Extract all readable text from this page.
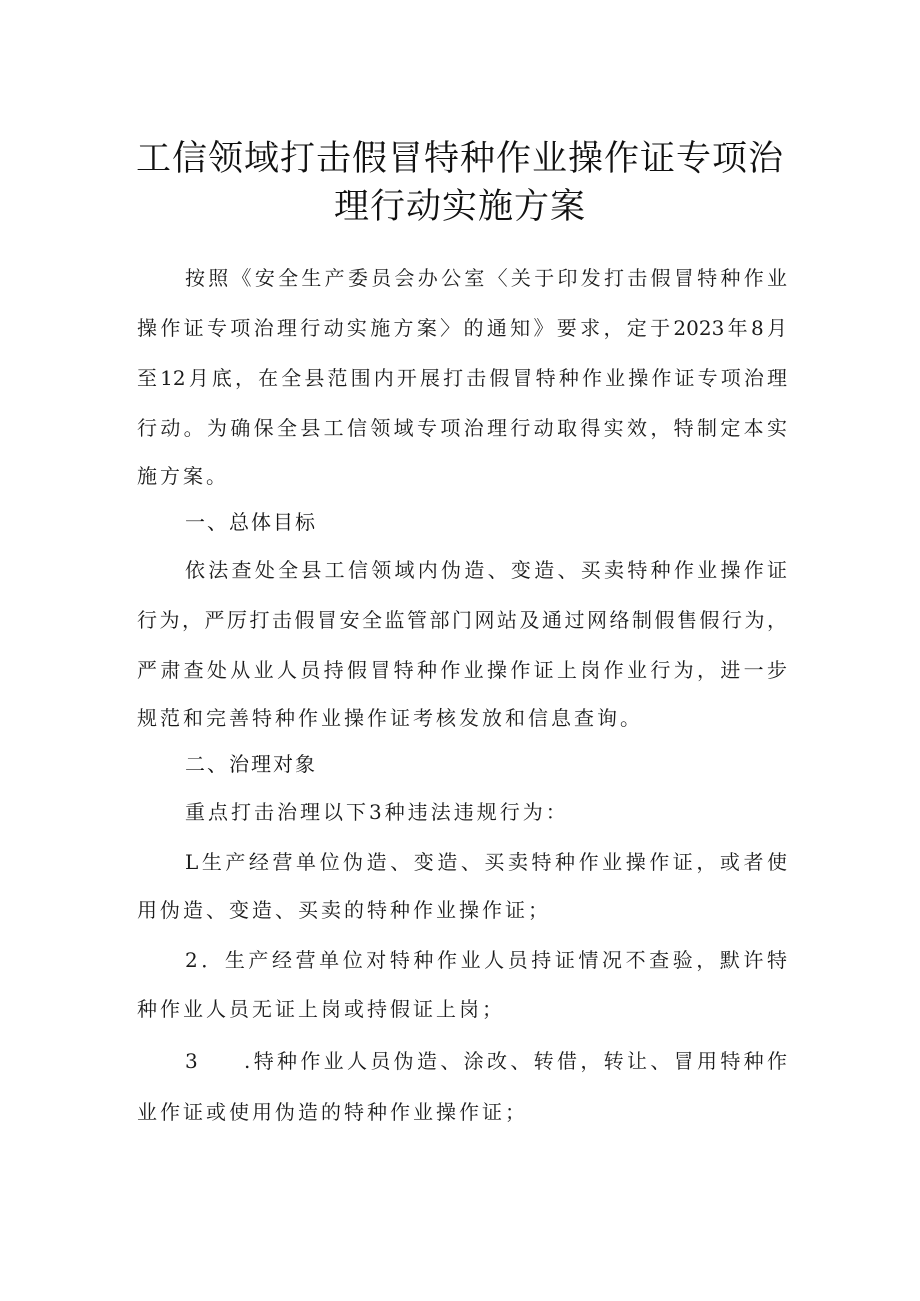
工信领域打击假冒特种作业操作证专项治
理行动实施方案
按照《安全生产委员会办公室〈关于印发打击假冒特种作业
操作证专项治理行动实施方案〉的通知》要求，定于2023年8月
至12月底，在全县范围内开展打击假冒特种作业操作证专项治理
行动。为确保全县工信领域专项治理行动取得实效，特制定本实
施方案。
一、总体目标
依法查处全县工信领域内伪造、变造、买卖特种作业操作证
行为，严厉打击假冒安全监管部门网站及通过网络制假售假行为，
严肃查处从业人员持假冒特种作业操作证上岗作业行为，进一步
规范和完善特种作业操作证考核发放和信息查询。
二、治理对象
重点打击治理以下3种违法违规行为：
L生产经营单位伪造、变造、买卖特种作业操作证，或者使
用伪造、变造、买卖的特种作业操作证；
2．生产经营单位对特种作业人员持证情况不查验，默许特
种作业人员无证上岗或持假证上岗；
3 .特种作业人员伪造、涂改、转借，转让、冒用特种作
业作证或使用伪造的特种作业操作证；
